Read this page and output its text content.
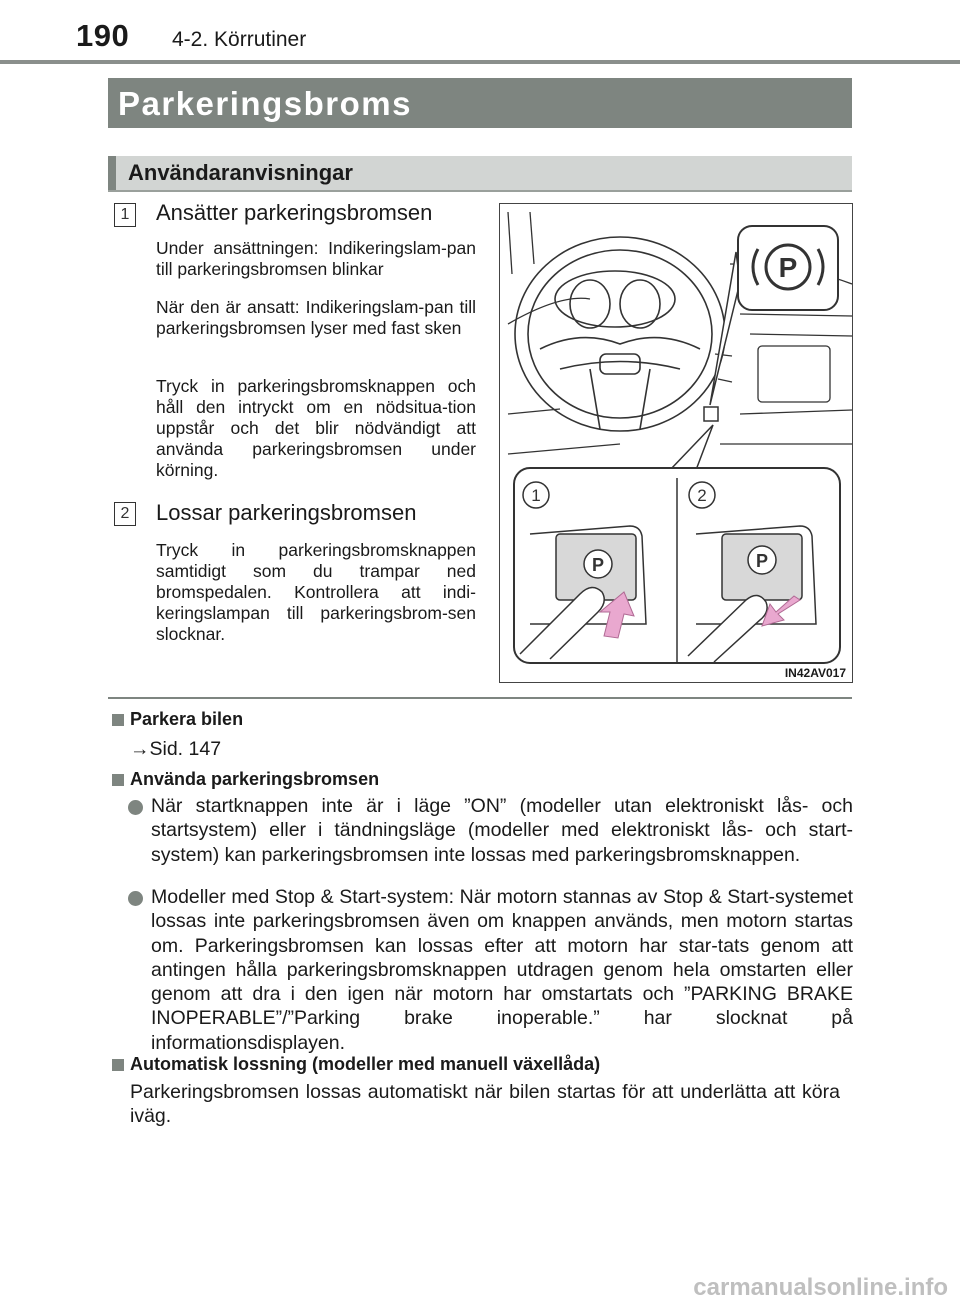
190 4-2. Körrutiner
Parkeringsbroms
Användaranvisningar
1 Ansätter parkeringsbromsen
Under ansättningen: Indikeringslam-pan till parkeringsbromsen blinkar
När den är ansatt: Indikeringslam-pan till parkeringsbromsen lyser med fast sken
Tryck in parkeringsbromsknappen och håll den intryckt om en nödsitua-tion uppstår och det blir nödvändigt att använda parkeringsbromsen under körning.
2 Lossar parkeringsbromsen
Tryck in parkeringsbromsknappen samtidigt som du trampar ned bromspedalen. Kontrollera att indi-keringslampan till parkeringsbrom-sen slocknar.
P
1	2
P	P
IN42AV017
Parkera bilen
→Sid. 147
Använda parkeringsbromsen
När startknappen inte är i läge ”ON” (modeller utan elektroniskt lås- och startsystem) eller i tändningsläge (modeller med elektroniskt lås- och start-system) kan parkeringsbromsen inte lossas med parkeringsbromsknappen.
Modeller med Stop & Start-system: När motorn stannas av Stop & Start-systemet lossas inte parkeringsbromsen även om knappen används, men motorn startas om. Parkeringsbromsen kan lossas efter att motorn har star-tats genom att antingen hålla parkeringsbromsknappen utdragen genom hela omstarten eller genom att dra i den igen när motorn har omstartats och ”PARKING BRAKE INOPERABLE”/”Parking brake inoperable.” har slocknat på informationsdisplayen.
Automatisk lossning (modeller med manuell växellåda)
Parkeringsbromsen lossas automatiskt när bilen startas för att underlätta att köra iväg.
carmanualsonline.info
